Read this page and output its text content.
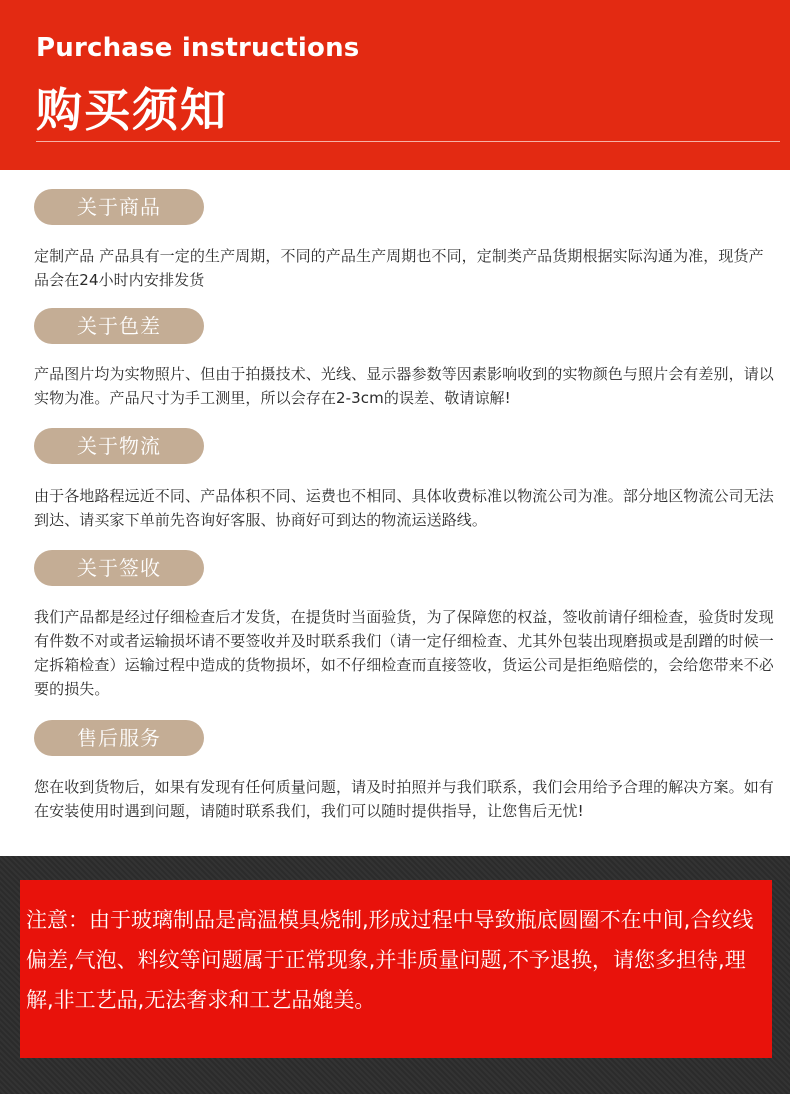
Purchase instructions
购买须知
关于商品
定制产品 产品具有一定的生产周期，不同的产品生产周期也不同，定制类产品货期根据实际沟通为准，现货产品会在24小时内安排发货
关于色差
产品图片均为实物照片、但由于拍摄技术、光线、显示器参数等因素影响收到的实物颜色与照片会有差别，请以实物为准。产品尺寸为手工测里，所以会存在2-3cm的误差、敬请谅解!
关于物流
由于各地路程远近不同、产品体积不同、运费也不相同、具体收费标准以物流公司为准。部分地区物流公司无法到达、请买家下单前先咨询好客服、协商好可到达的物流运送路线。
关于签收
我们产品都是经过仔细检查后才发货，在提货时当面验货，为了保障您的权益，签收前请仔细检查，验货时发现有件数不对或者运输损坏请不要签收并及时联系我们（请一定仔细检查、尤其外包装出现磨损或是刮蹭的时候一定拆箱检查）运输过程中造成的货物损坏，如不仔细检查而直接签收，货运公司是拒绝赔偿的，会给您带来不必要的损失。
售后服务
您在收到货物后，如果有发现有任何质量问题，请及时拍照并与我们联系，我们会用给予合理的解决方案。如有在安装使用时遇到问题，请随时联系我们，我们可以随时提供指导，让您售后无忧!
注意：由于玻璃制品是高温模具烧制,形成过程中导致瓶底圆圈不在中间,合纹线偏差,气泡、料纹等问题属于正常现象,并非质量问题,不予退换，请您多担待,理解,非工艺品,无法奢求和工艺品媲美。
